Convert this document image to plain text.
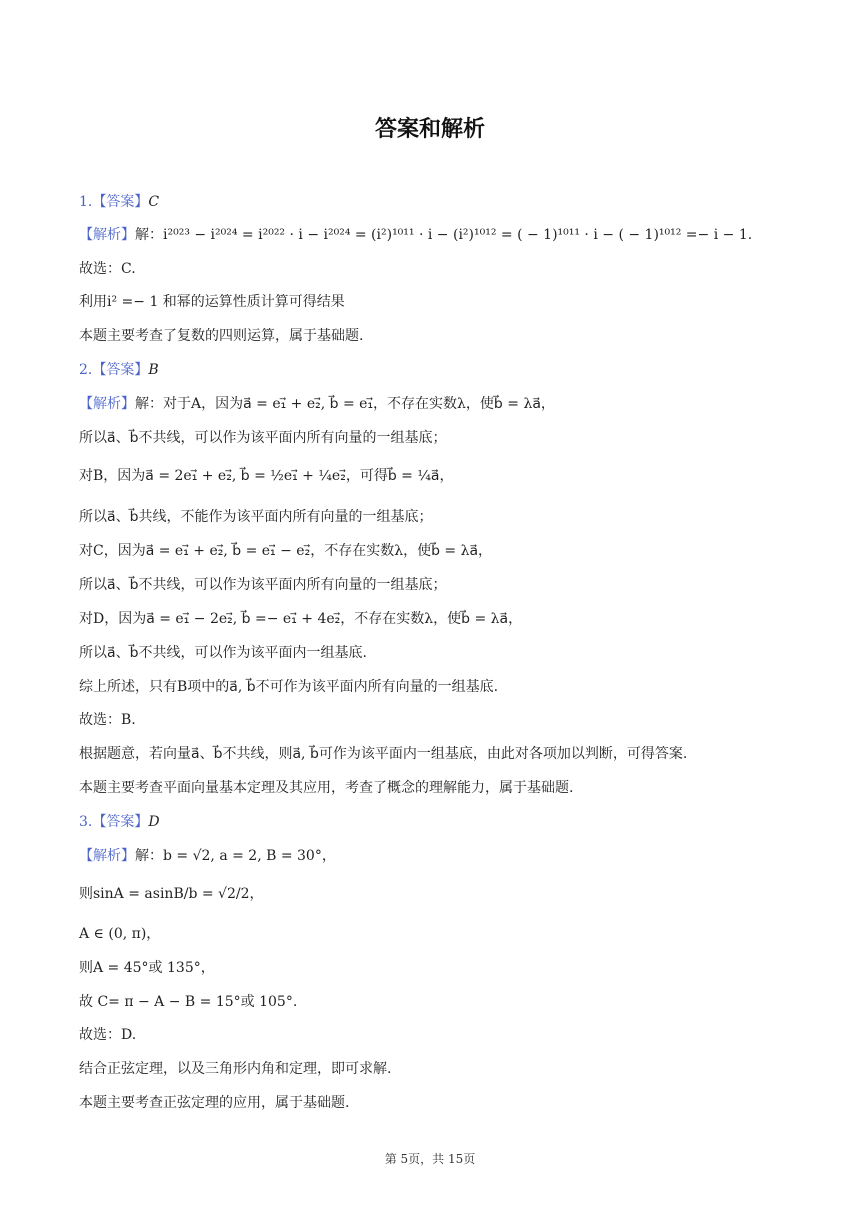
答案和解析
1.【答案】C
【解析】解：i²⁰²³ − i²⁰²⁴ = i²⁰²² · i − i²⁰²⁴ = (i²)¹⁰¹¹ · i − (i²)¹⁰¹² = ( − 1)¹⁰¹¹ · i − ( − 1)¹⁰¹² =− i − 1.
故选：C.
利用i² =− 1 和幂的运算性质计算可得结果
本题主要考查了复数的四则运算，属于基础题.
2.【答案】B
【解析】解：对于A，因为a⃗ = e₁⃗ + e₂⃗, b⃗ = e₁⃗，不存在实数λ，使b⃗ = λa⃗，
所以a⃗、b⃗不共线，可以作为该平面内所有向量的一组基底；
对B，因为a⃗ = 2e₁⃗ + e₂⃗, b⃗ = ½e₁⃗ + ¼e₂⃗，可得b⃗ = ¼a⃗，
所以a⃗、b⃗共线，不能作为该平面内所有向量的一组基底；
对C，因为a⃗ = e₁⃗ + e₂⃗, b⃗ = e₁⃗ − e₂⃗，不存在实数λ，使b⃗ = λa⃗，
所以a⃗、b⃗不共线，可以作为该平面内所有向量的一组基底；
对D，因为a⃗ = e₁⃗ − 2e₂⃗, b⃗ =− e₁⃗ + 4e₂⃗，不存在实数λ，使b⃗ = λa⃗，
所以a⃗、b⃗不共线，可以作为该平面内一组基底.
综上所述，只有B项中的a⃗, b⃗不可作为该平面内所有向量的一组基底.
故选：B.
根据题意，若向量a⃗、b⃗不共线，则a⃗, b⃗可作为该平面内一组基底，由此对各项加以判断，可得答案.
本题主要考查平面向量基本定理及其应用，考查了概念的理解能力，属于基础题.
3.【答案】D
【解析】解：b = √2, a = 2, B = 30°，
则sinA = asinB/b = √2/2，
A ∈ (0, π)，
则A = 45°或 135°，
故 C= π − A − B = 15°或 105°.
故选：D.
结合正弦定理，以及三角形内角和定理，即可求解.
本题主要考查正弦定理的应用，属于基础题.
第 5页，共 15页
